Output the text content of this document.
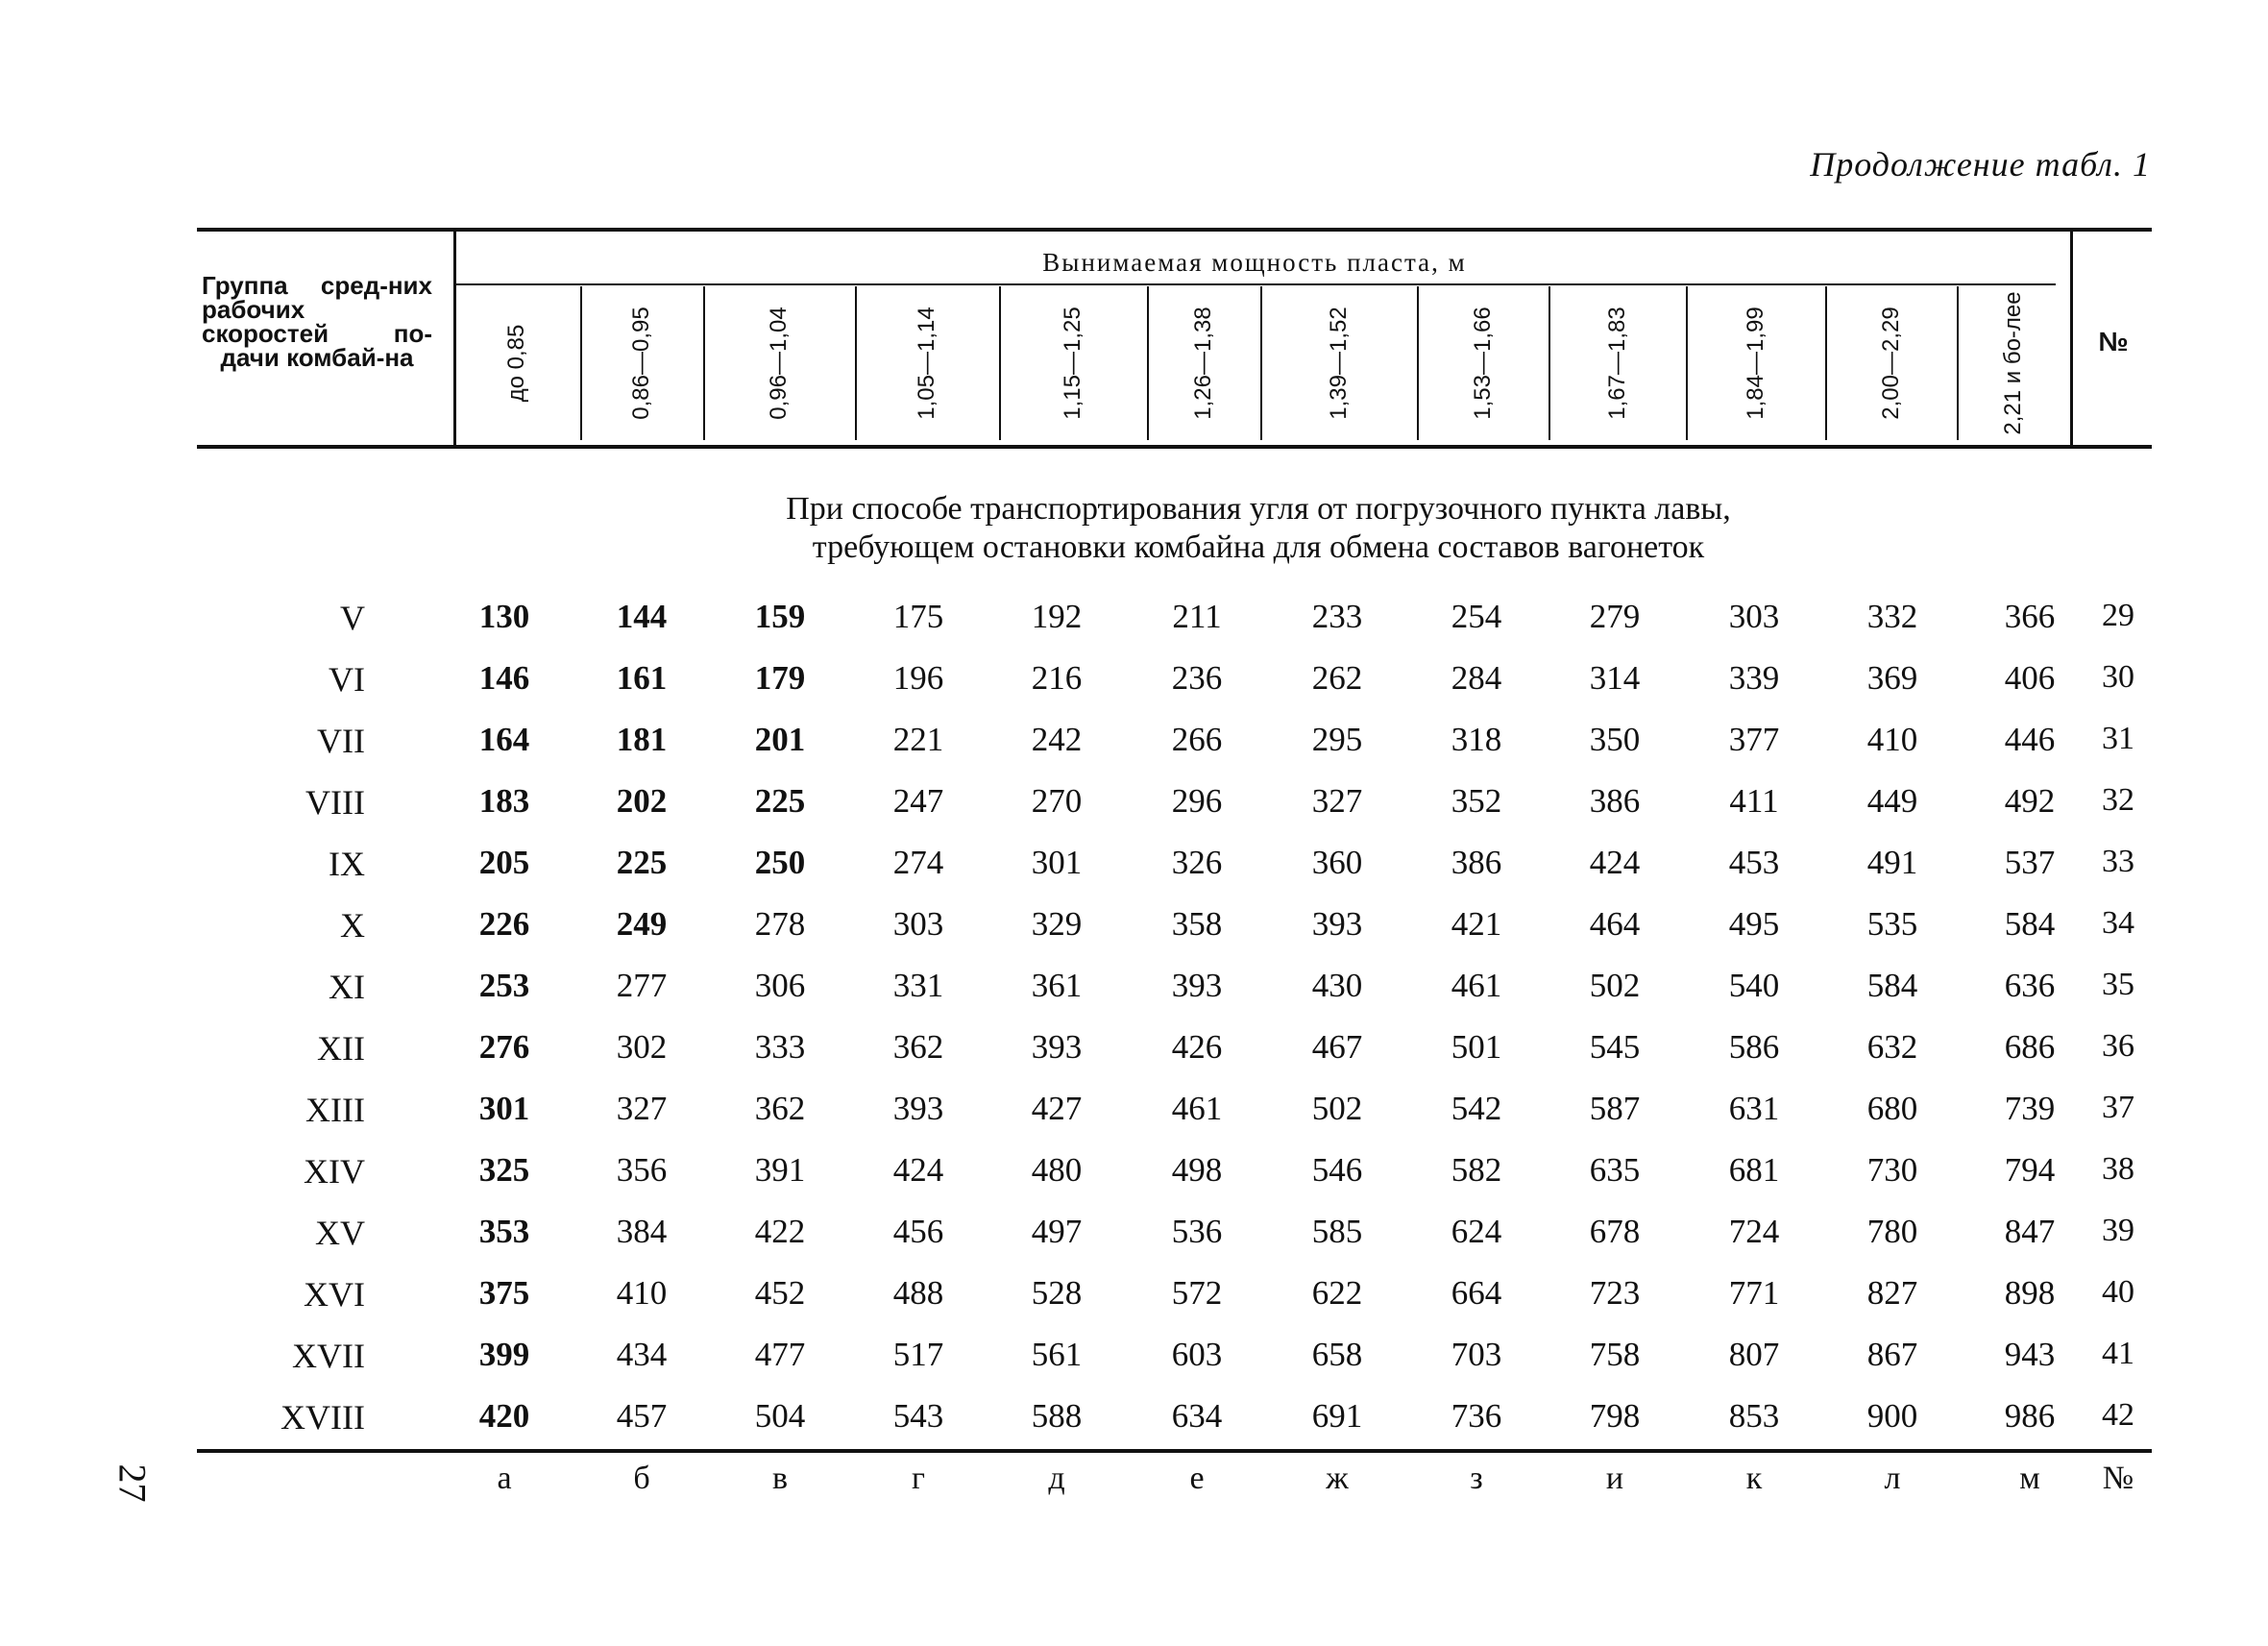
Продолжение табл. 1
Группа сред-них рабочих скоростей по-дачи комбай-на
Вынимаемая мощность пласта, м
№
до 0,85	0,86—0,95	0,96—1,04	1,05—1,14	1,15—1,25	1,26—1,38	1,39—1,52	1,53—1,66	1,67—1,83	1,84—1,99	2,00—2,29	2,21 и бо-лее
При способе транспортирования угля от погрузочного пункта лавы,
требующем остановки комбайна для обмена составов вагонеток
V	130	144	159	175	192	211	233	254	279	303	332	366	29
VI	146	161	179	196	216	236	262	284	314	339	369	406	30
VII	164	181	201	221	242	266	295	318	350	377	410	446	31
VIII	183	202	225	247	270	296	327	352	386	411	449	492	32
IX	205	225	250	274	301	326	360	386	424	453	491	537	33
X	226	249	278	303	329	358	393	421	464	495	535	584	34
XI	253	277	306	331	361	393	430	461	502	540	584	636	35
XII	276	302	333	362	393	426	467	501	545	586	632	686	36
XIII	301	327	362	393	427	461	502	542	587	631	680	739	37
XIV	325	356	391	424	480	498	546	582	635	681	730	794	38
XV	353	384	422	456	497	536	585	624	678	724	780	847	39
XVI	375	410	452	488	528	572	622	664	723	771	827	898	40
XVII	399	434	477	517	561	603	658	703	758	807	867	943	41
XVIII	420	457	504	543	588	634	691	736	798	853	900	986	42
а	б	в	г	д	е	ж	з	и	к	л	м	№
27
